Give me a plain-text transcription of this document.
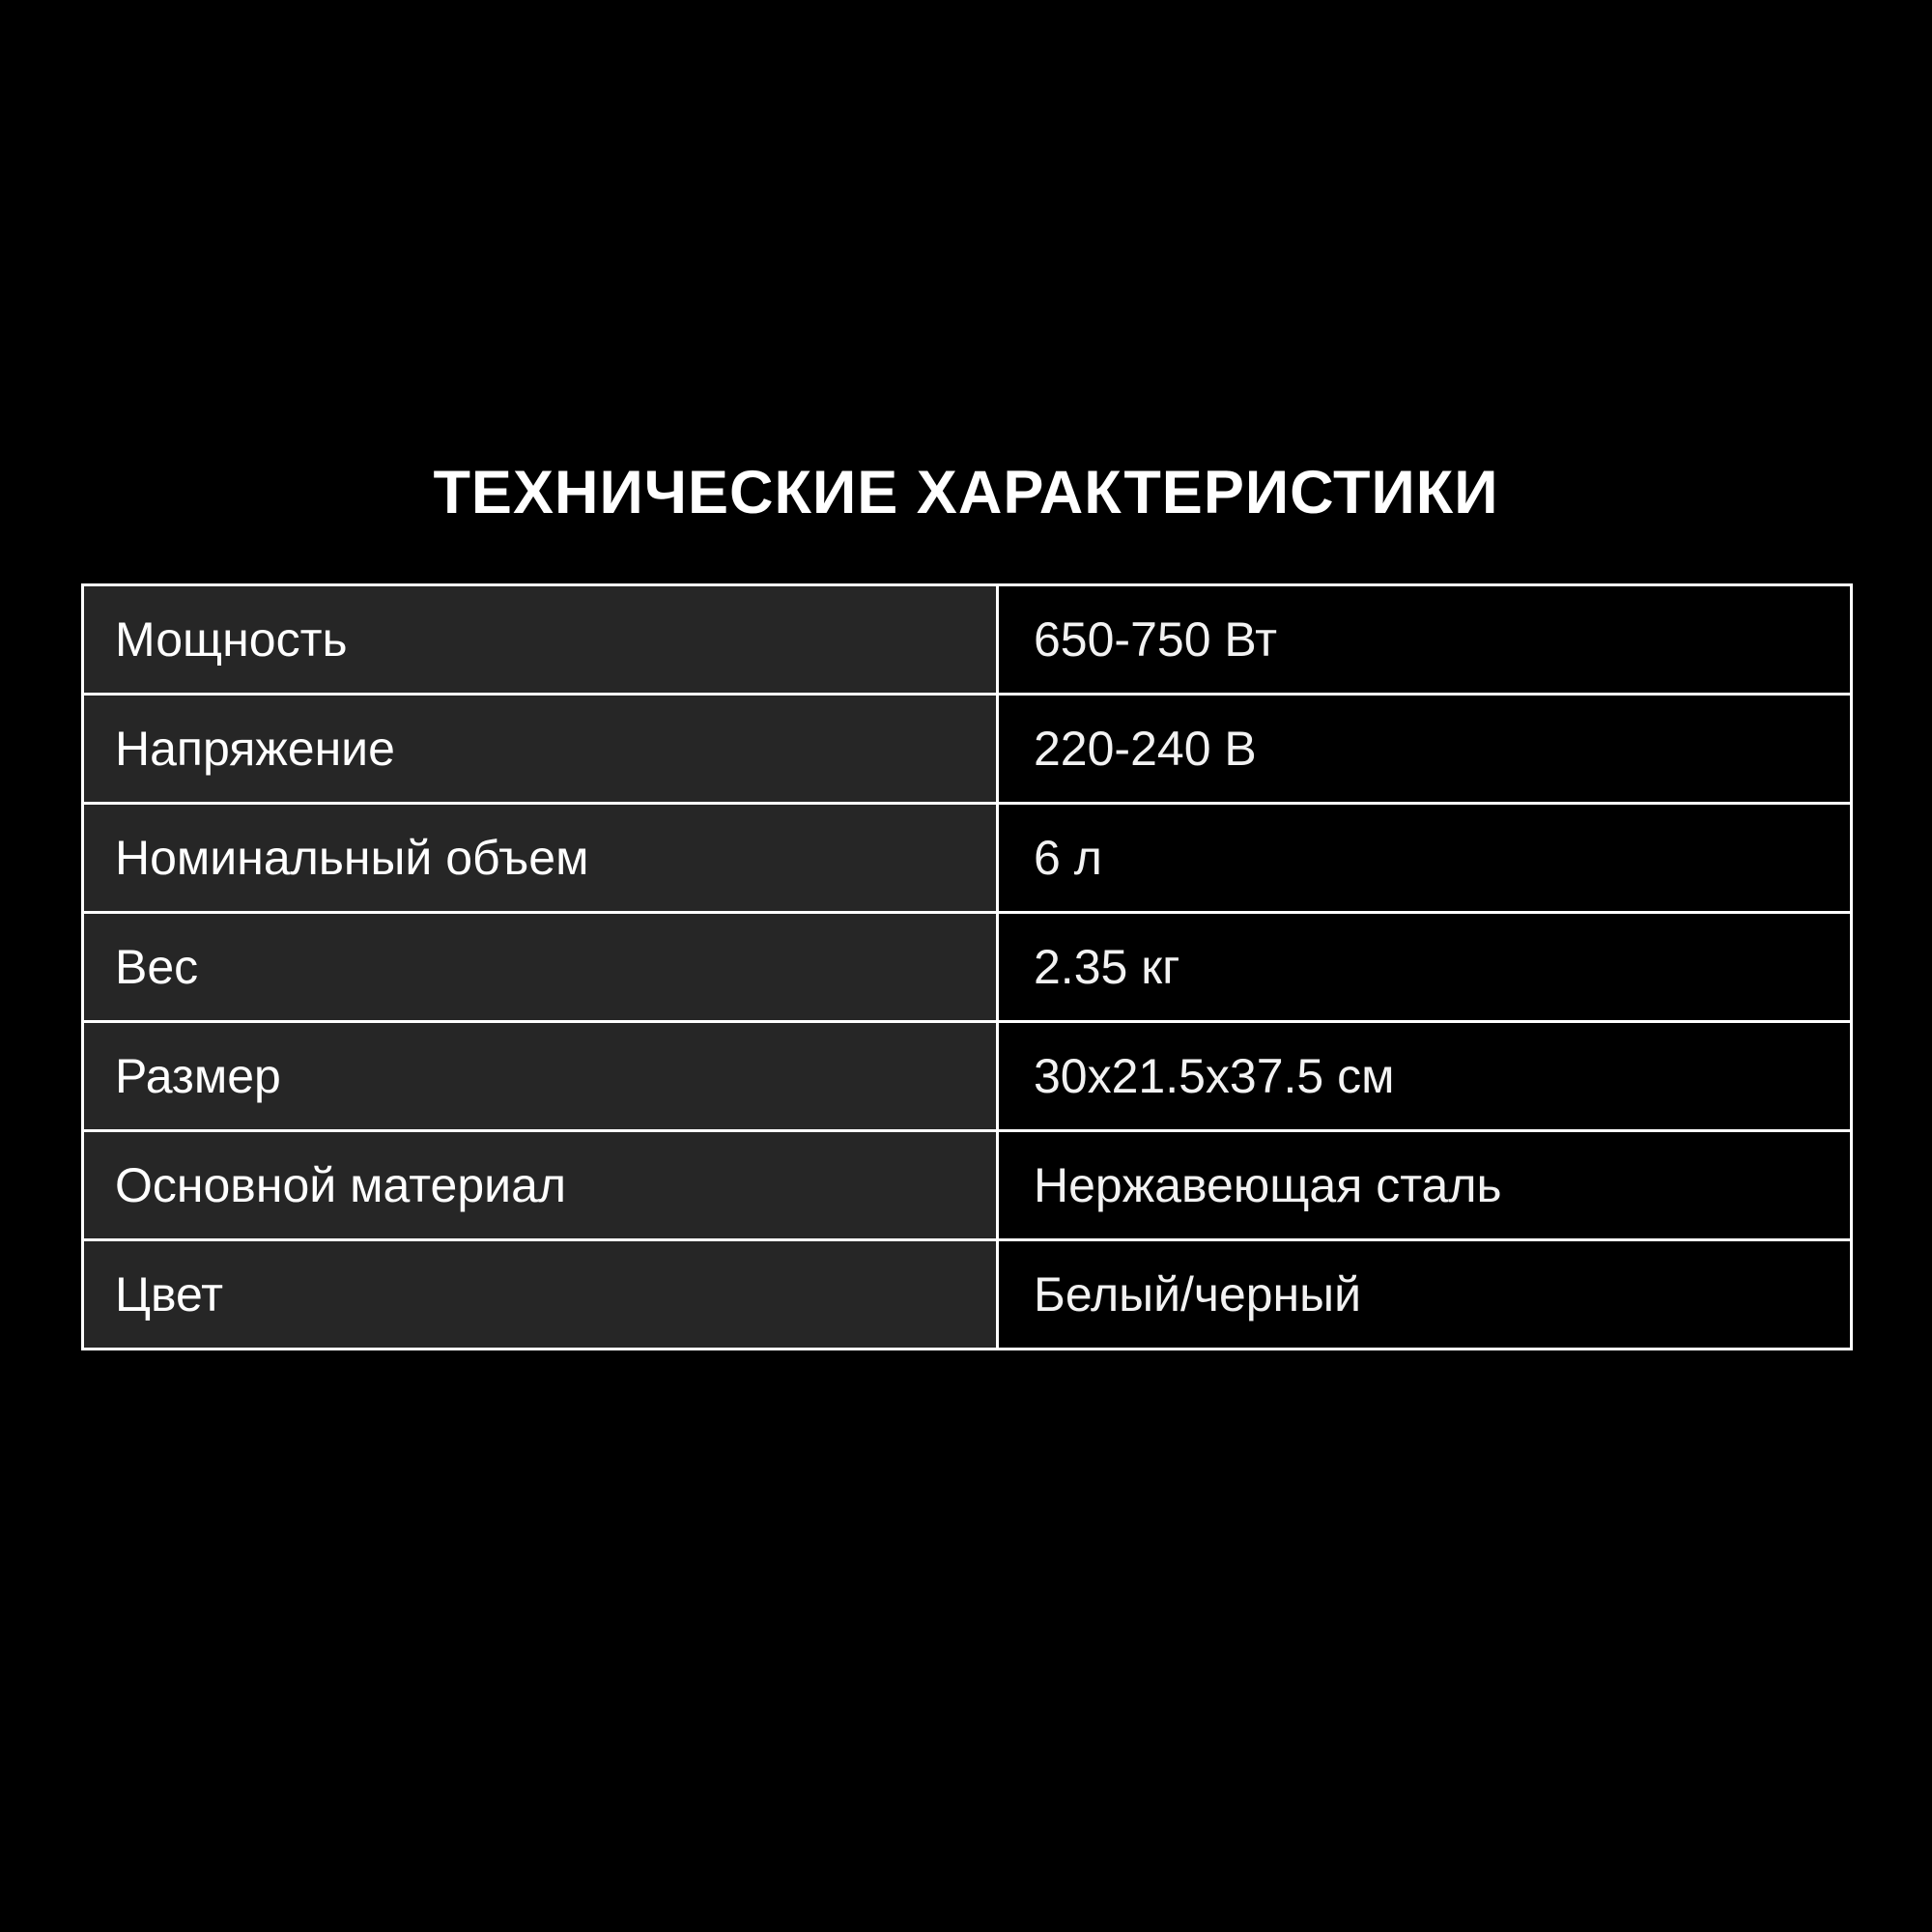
ТЕХНИЧЕСКИЕ ХАРАКТЕРИСТИКИ
Мощность	650-750 Вт
Напряжение	220-240 В
Номинальный объем	6 л
Вес	2.35 кг
Размер	30x21.5x37.5 см
Основной материал	Нержавеющая сталь
Цвет	Белый/черный
